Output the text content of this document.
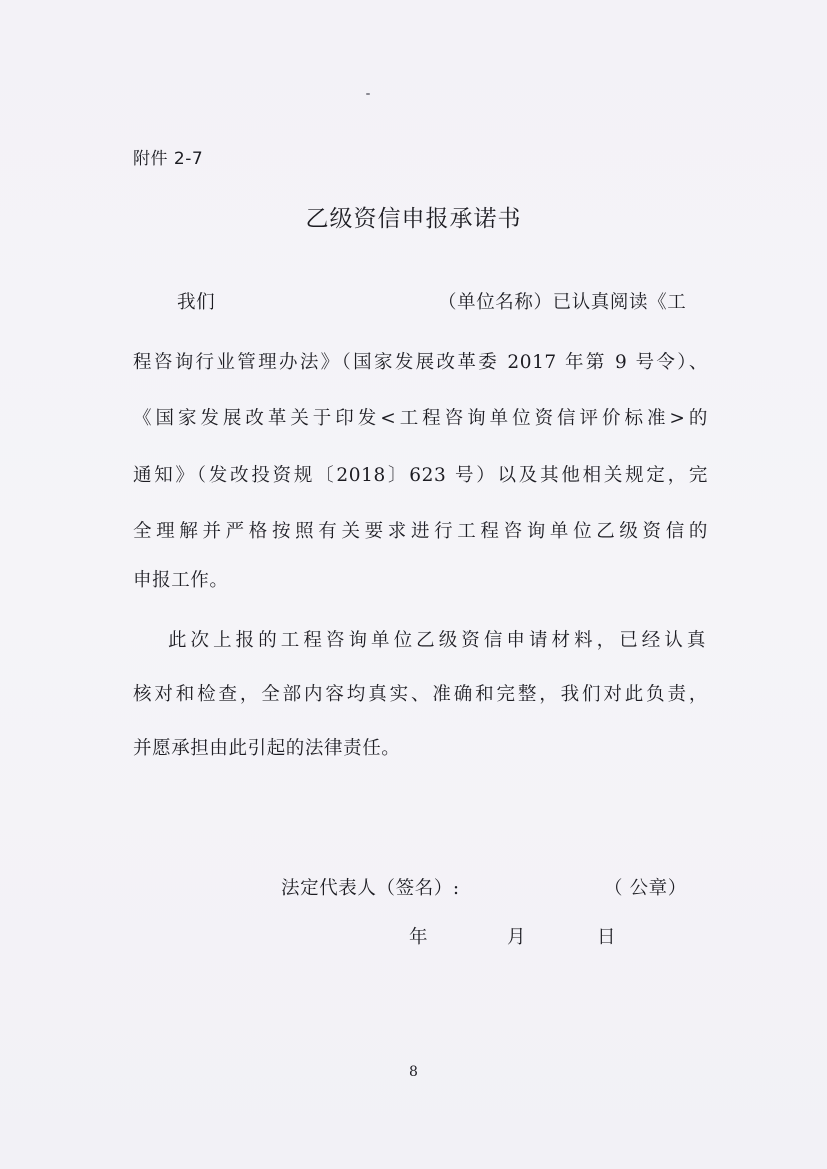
附件 2-7
乙级资信申报承诺书
我们	（单位名称）已认真阅读《工
程咨询行业管理办法》（国家发展改革委 2017 年第 9 号令）、
《国家发展改革关于印发<工程咨询单位资信评价标准>的
通知》（发改投资规〔2018〕623 号）以及其他相关规定，完
全理解并严格按照有关要求进行工程咨询单位乙级资信的
申报工作。
此次上报的工程咨询单位乙级资信申请材料，已经认真
核对和检查，全部内容均真实、准确和完整，我们对此负责，
并愿承担由此引起的法律责任。
法定代表人（签名）:	（ 公章）
年	月	日
8
